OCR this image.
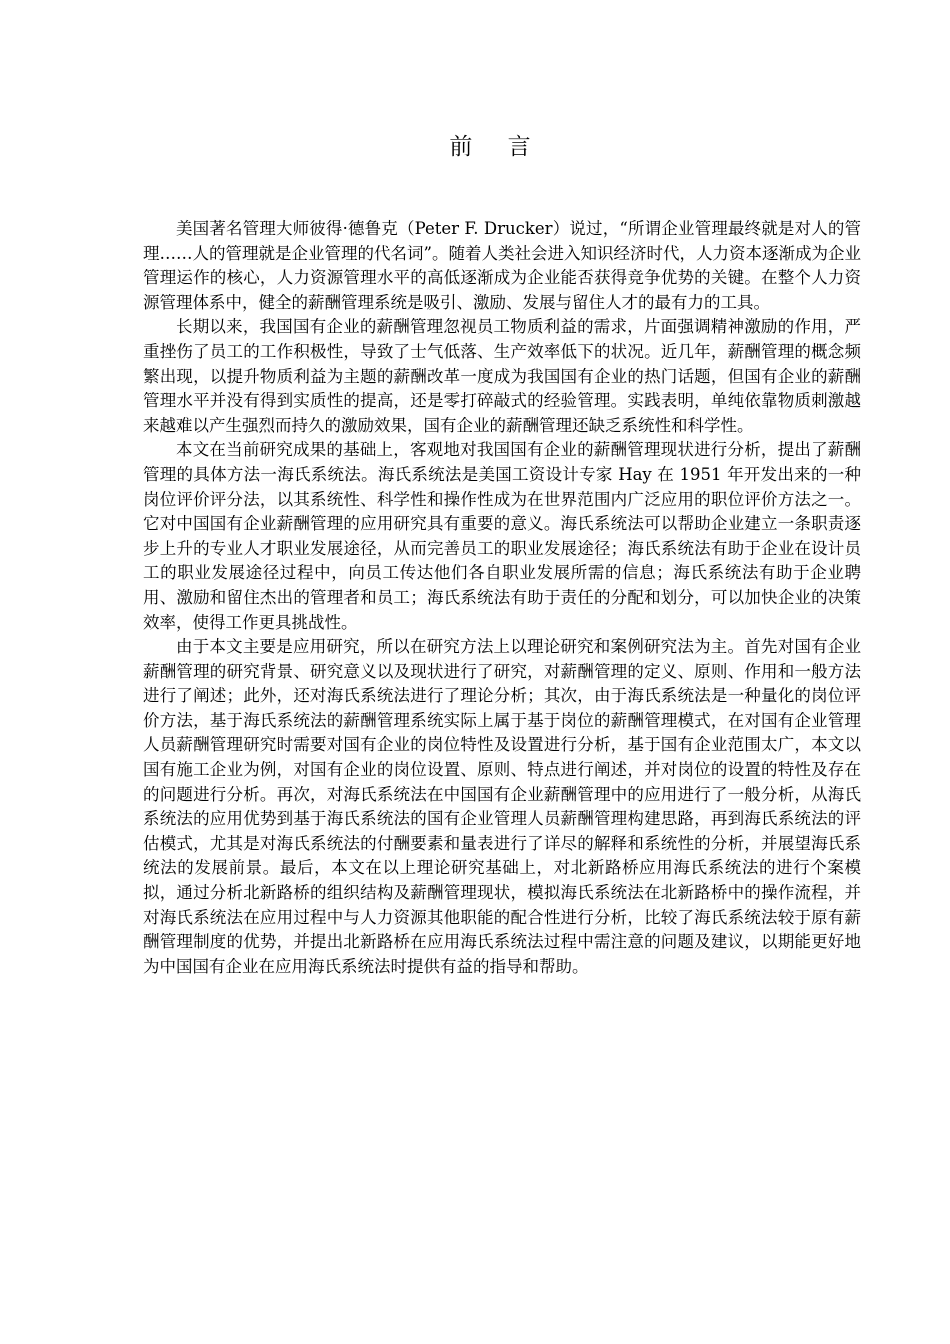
前 言

美国著名管理大师彼得·德鲁克（Peter F. Drucker）说过，“所谓企业管理最终就是对人的管理……人的管理就是企业管理的代名词”。随着人类社会进入知识经济时代，人力资本逐渐成为企业管理运作的核心，人力资源管理水平的高低逐渐成为企业能否获得竞争优势的关键。在整个人力资源管理体系中，健全的薪酬管理系统是吸引、激励、发展与留住人才的最有力的工具。

长期以来，我国国有企业的薪酬管理忽视员工物质利益的需求，片面强调精神激励的作用，严重挫伤了员工的工作积极性，导致了士气低落、生产效率低下的状况。近几年，薪酬管理的概念频繁出现，以提升物质利益为主题的薪酬改革一度成为我国国有企业的热门话题，但国有企业的薪酬管理水平并没有得到实质性的提高，还是零打碎敲式的经验管理。实践表明，单纯依靠物质刺激越来越难以产生强烈而持久的激励效果，国有企业的薪酬管理还缺乏系统性和科学性。

本文在当前研究成果的基础上，客观地对我国国有企业的薪酬管理现状进行分析，提出了薪酬管理的具体方法一海氏系统法。海氏系统法是美国工资设计专家 Hay 在 1951 年开发出来的一种岗位评价评分法，以其系统性、科学性和操作性成为在世界范围内广泛应用的职位评价方法之一。它对中国国有企业薪酬管理的应用研究具有重要的意义。海氏系统法可以帮助企业建立一条职责逐步上升的专业人才职业发展途径，从而完善员工的职业发展途径；海氏系统法有助于企业在设计员工的职业发展途径过程中，向员工传达他们各自职业发展所需的信息；海氏系统法有助于企业聘用、激励和留住杰出的管理者和员工；海氏系统法有助于责任的分配和划分，可以加快企业的决策效率，使得工作更具挑战性。

由于本文主要是应用研究，所以在研究方法上以理论研究和案例研究法为主。首先对国有企业薪酬管理的研究背景、研究意义以及现状进行了研究，对薪酬管理的定义、原则、作用和一般方法进行了阐述；此外，还对海氏系统法进行了理论分析；其次，由于海氏系统法是一种量化的岗位评价方法，基于海氏系统法的薪酬管理系统实际上属于基于岗位的薪酬管理模式，在对国有企业管理人员薪酬管理研究时需要对国有企业的岗位特性及设置进行分析，基于国有企业范围太广，本文以国有施工企业为例，对国有企业的岗位设置、原则、特点进行阐述，并对岗位的设置的特性及存在的问题进行分析。再次，对海氏系统法在中国国有企业薪酬管理中的应用进行了一般分析，从海氏系统法的应用优势到基于海氏系统法的国有企业管理人员薪酬管理构建思路，再到海氏系统法的评估模式，尤其是对海氏系统法的付酬要素和量表进行了详尽的解释和系统性的分析，并展望海氏系统法的发展前景。最后，本文在以上理论研究基础上，对北新路桥应用海氏系统法的进行个案模拟，通过分析北新路桥的组织结构及薪酬管理现状，模拟海氏系统法在北新路桥中的操作流程，并对海氏系统法在应用过程中与人力资源其他职能的配合性进行分析，比较了海氏系统法较于原有薪酬管理制度的优势，并提出北新路桥在应用海氏系统法过程中需注意的问题及建议，以期能更好地为中国国有企业在应用海氏系统法时提供有益的指导和帮助。
